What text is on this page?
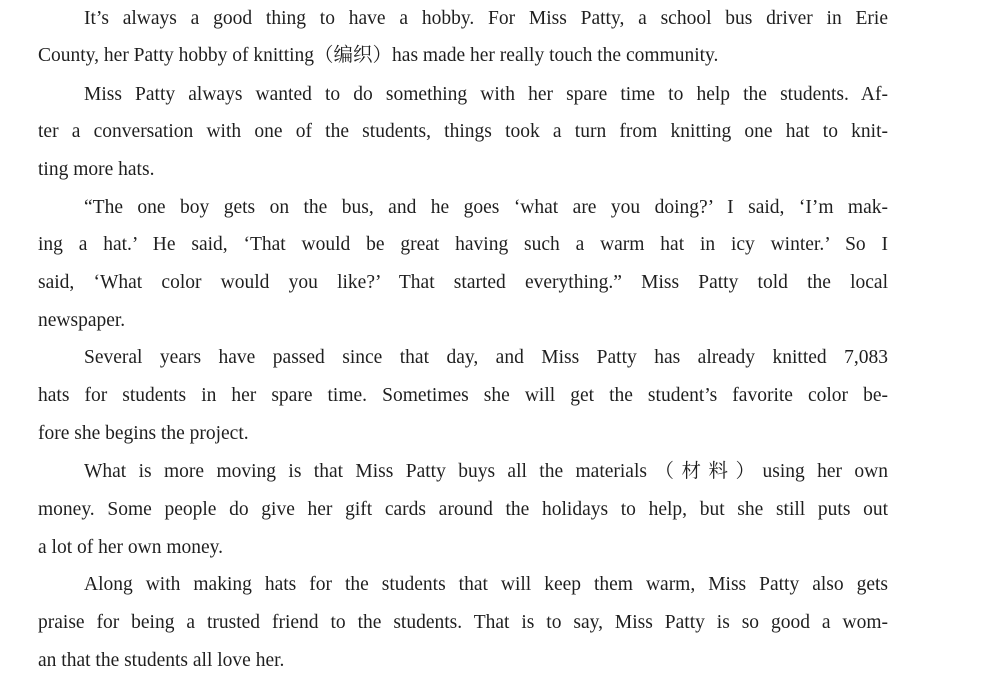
It’s always a good thing to have a hobby. For Miss Patty, a school bus driver in Erie
County, her Patty hobby of knitting（编织）has made her really touch the community.
Miss Patty always wanted to do something with her spare time to help the students. Af-
ter a conversation with one of the students, things took a turn from knitting one hat to knit-
ting more hats.
“The one boy gets on the bus, and he goes ‘what are you doing?’ I said, ‘I’m mak-
ing a hat.’ He said, ‘That would be great having such a warm hat in icy winter.’ So I
said, ‘What color would you like?’ That started everything.” Miss Patty told the local
newspaper.
Several years have passed since that day, and Miss Patty has already knitted 7,083
hats for students in her spare time. Sometimes she will get the student’s favorite color be-
fore she begins the project.
What is more moving is that Miss Patty buys all the materials（材料）using her own
money. Some people do give her gift cards around the holidays to help, but she still puts out
a lot of her own money.
Along with making hats for the students that will keep them warm, Miss Patty also gets
praise for being a trusted friend to the students. That is to say, Miss Patty is so good a wom-
an that the students all love her.
